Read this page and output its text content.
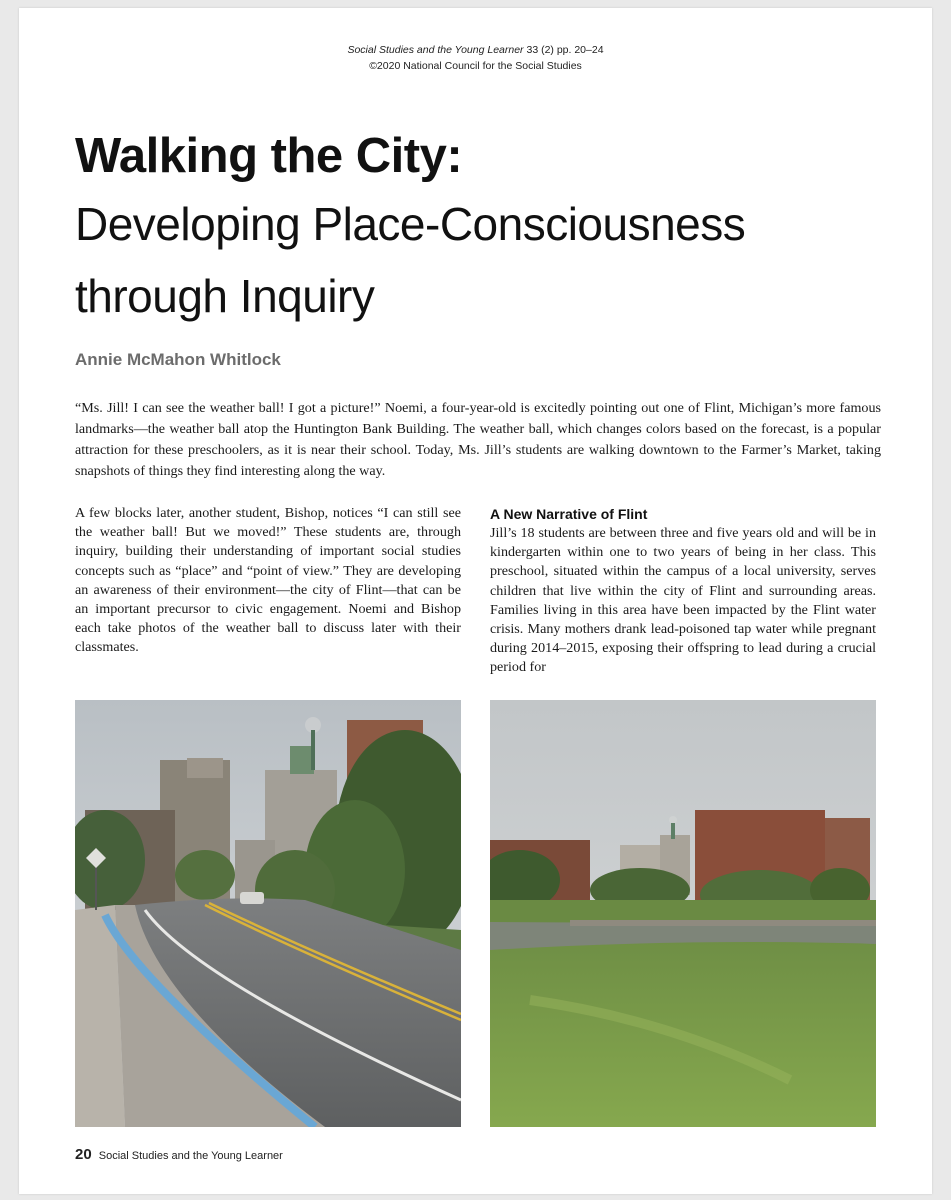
Social Studies and the Young Learner 33 (2) pp. 20–24
©2020 National Council for the Social Studies
Walking the City:
Developing Place-Consciousness
through Inquiry
Annie McMahon Whitlock

“Ms. Jill! I can see the weather ball! I got a picture!” Noemi, a four-year-old is excitedly pointing out one of Flint, Michigan’s more famous landmarks—the weather ball atop the Huntington Bank Building. The weather ball, which changes colors based on the forecast, is a popular attraction for these preschoolers, as it is near their school. Today, Ms. Jill’s students are walking downtown to the Farmer’s Market, taking snapshots of things they find interesting along the way.

A few blocks later, another student, Bishop, notices “I can still see the weather ball! But we moved!” These students are, through inquiry, building their understanding of important social studies concepts such as “place” and “point of view.” They are developing an awareness of their environment—the city of Flint—that can be an important precursor to civic engagement. Noemi and Bishop each take photos of the weather ball to discuss later with their classmates.

A New Narrative of Flint

Jill’s 18 students are between three and five years old and will be in kindergarten within one to two years of being in her class. This preschool, situated within the campus of a local university, serves children that live within the city of Flint and surrounding areas. Families living in this area have been impacted by the Flint water crisis. Many mothers drank lead-poisoned tap water while pregnant during 2014–2015, exposing their offspring to lead during a crucial period for

20 Social Studies and the Young Learner
